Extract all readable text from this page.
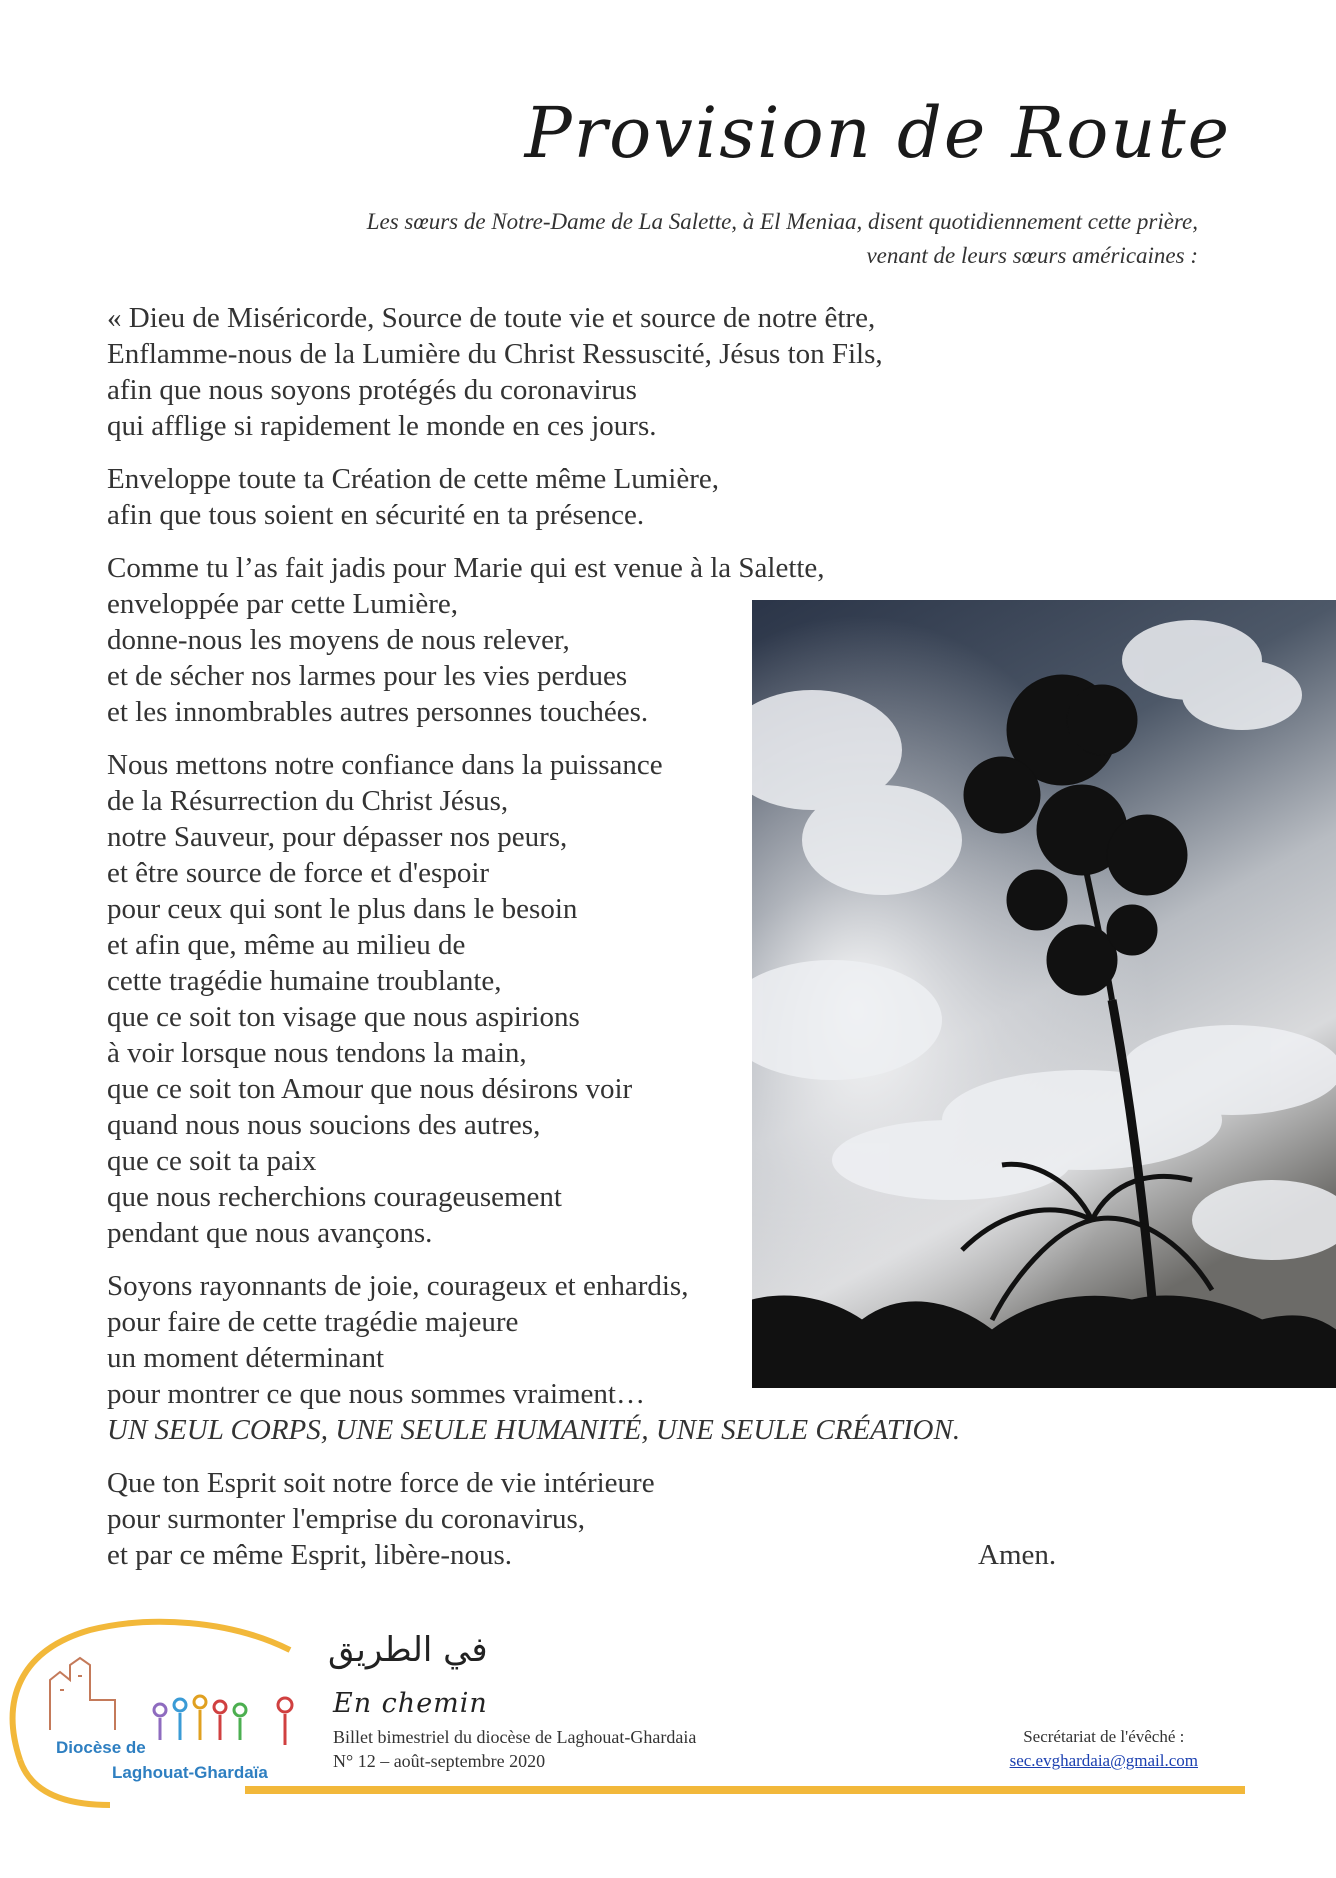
Provision de Route
Les sœurs de Notre-Dame de La Salette, à El Meniaa, disent quotidiennement cette prière,
venant de leurs sœurs américaines :
« Dieu de Miséricorde, Source de toute vie et source de notre être,
Enflamme-nous de la Lumière du Christ Ressuscité, Jésus ton Fils,
afin que nous soyons protégés du coronavirus
qui afflige si rapidement le monde en ces jours.
Enveloppe toute ta Création de cette même Lumière,
afin que tous soient en sécurité en ta présence.
Comme tu l’as fait jadis pour Marie qui est venue à la Salette,
enveloppée par cette Lumière,
donne-nous les moyens de nous relever,
et de sécher nos larmes pour les vies perdues
et les innombrables autres personnes touchées.
Nous mettons notre confiance dans la puissance
de la Résurrection du Christ Jésus,
notre Sauveur, pour dépasser nos peurs,
et être source de force et d'espoir
pour ceux qui sont le plus dans le besoin
et afin que, même au milieu de
cette tragédie humaine troublante,
que ce soit ton visage que nous aspirions
à voir lorsque nous tendons la main,
que ce soit ton Amour que nous désirons voir
quand nous nous soucions des autres,
que ce soit ta paix
que nous recherchions courageusement
pendant que nous avançons.
Soyons rayonnants de joie, courageux et enhardis,
pour faire de cette tragédie majeure
un moment déterminant
pour montrer ce que nous sommes vraiment…
UN SEUL CORPS, UNE SEULE HUMANITÉ, UNE SEULE CRÉATION.
Que ton Esprit soit notre force de vie intérieure
pour surmonter l'emprise du coronavirus,
et par ce même Esprit, libère-nous.	Amen.
Diocèse de
Laghouat-Ghardaïa
في الطريق
En chemin
Billet bimestriel du diocèse de Laghouat-Ghardaia
N° 12 – août-septembre 2020
Secrétariat de l'évêché :
sec.evghardaia@gmail.com
